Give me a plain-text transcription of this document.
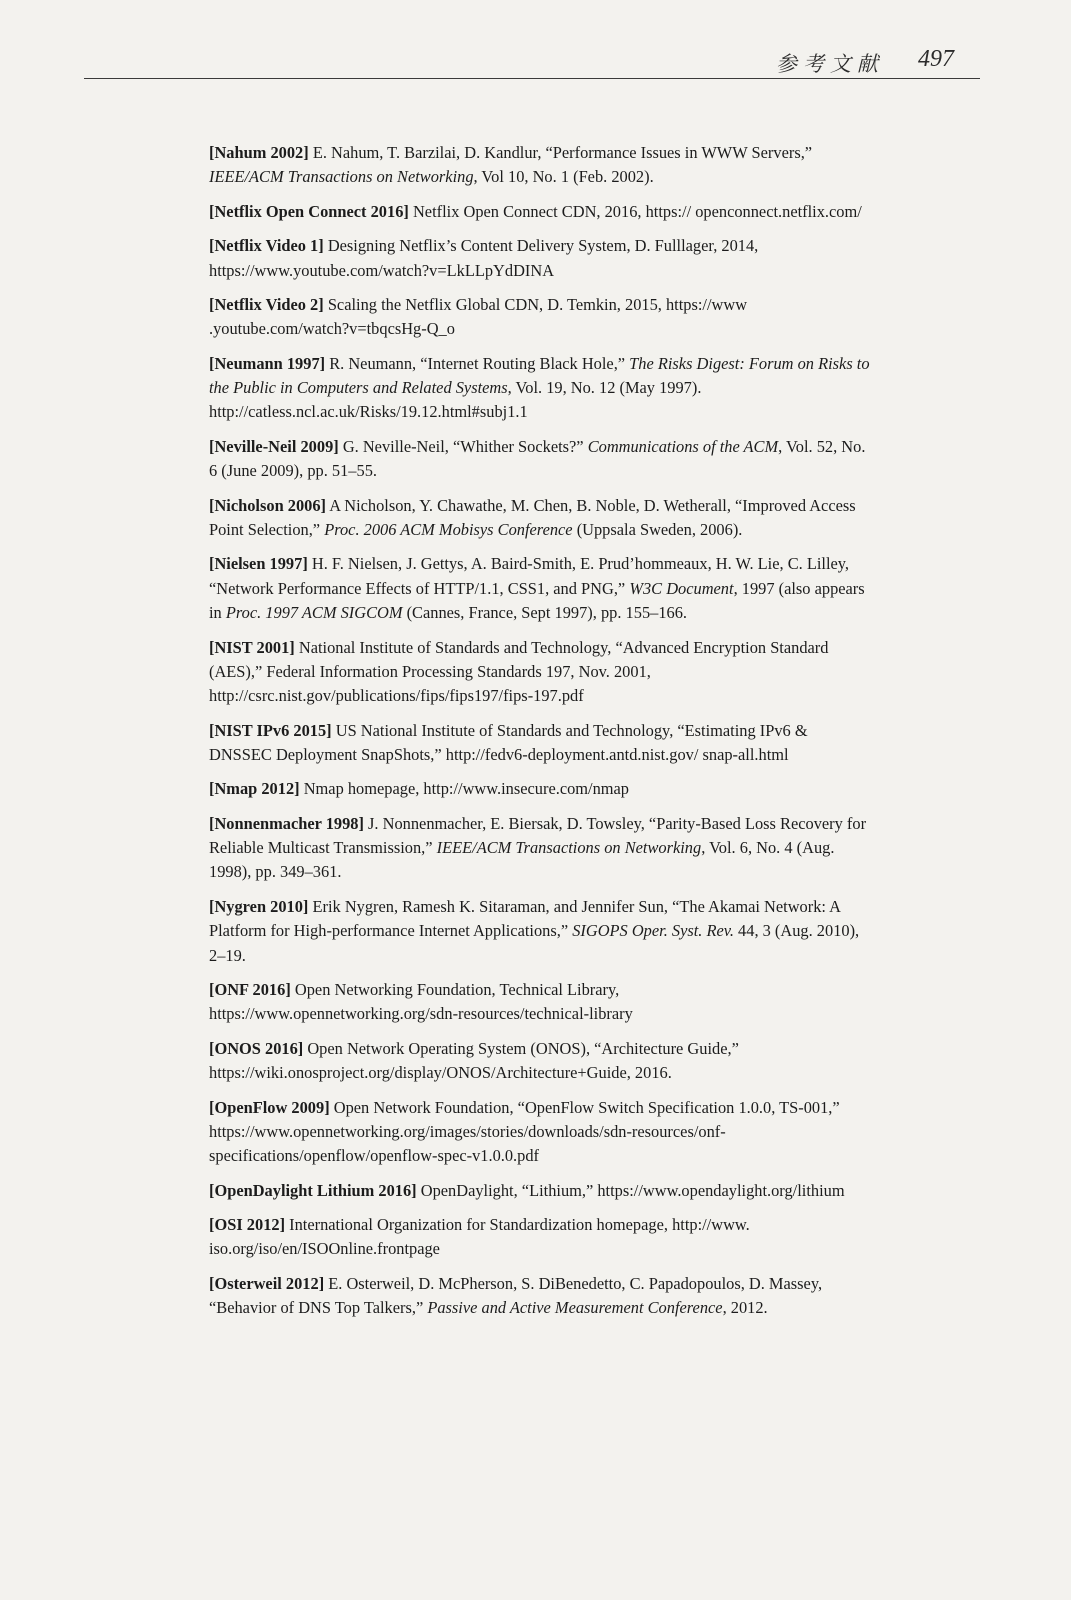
参考文献 497

[Nahum 2002] E. Nahum, T. Barzilai, D. Kandlur, “Performance Issues in WWW Servers,” IEEE/ACM Transactions on Networking, Vol 10, No. 1 (Feb. 2002).

[Netflix Open Connect 2016] Netflix Open Connect CDN, 2016, https:// openconnect.netflix.com/

[Netflix Video 1] Designing Netflix’s Content Delivery System, D. Fulllager, 2014, https://www.youtube.com/watch?v=LkLLpYdDINA

[Netflix Video 2] Scaling the Netflix Global CDN, D. Temkin, 2015, https://www .youtube.com/watch?v=tbqcsHg-Q_o

[Neumann 1997] R. Neumann, “Internet Routing Black Hole,” The Risks Digest: Forum on Risks to the Public in Computers and Related Systems, Vol. 19, No. 12 (May 1997). http://catless.ncl.ac.uk/Risks/19.12.html#subj1.1

[Neville-Neil 2009] G. Neville-Neil, “Whither Sockets?” Communications of the ACM, Vol. 52, No. 6 (June 2009), pp. 51–55.

[Nicholson 2006] A Nicholson, Y. Chawathe, M. Chen, B. Noble, D. Wetherall, “Improved Access Point Selection,” Proc. 2006 ACM Mobisys Conference (Uppsala Sweden, 2006).

[Nielsen 1997] H. F. Nielsen, J. Gettys, A. Baird-Smith, E. Prud’hommeaux, H. W. Lie, C. Lilley, “Network Performance Effects of HTTP/1.1, CSS1, and PNG,” W3C Document, 1997 (also appears in Proc. 1997 ACM SIGCOM (Cannes, France, Sept 1997), pp. 155–166.

[NIST 2001] National Institute of Standards and Technology, “Advanced Encryption Standard (AES),” Federal Information Processing Standards 197, Nov. 2001, http://csrc.nist.gov/publications/fips/fips197/fips-197.pdf

[NIST IPv6 2015] US National Institute of Standards and Technology, “Estimating IPv6 & DNSSEC Deployment SnapShots,” http://fedv6-deployment.antd.nist.gov/ snap-all.html

[Nmap 2012] Nmap homepage, http://www.insecure.com/nmap

[Nonnenmacher 1998] J. Nonnenmacher, E. Biersak, D. Towsley, “Parity-Based Loss Recovery for Reliable Multicast Transmission,” IEEE/ACM Transactions on Networking, Vol. 6, No. 4 (Aug. 1998), pp. 349–361.

[Nygren 2010] Erik Nygren, Ramesh K. Sitaraman, and Jennifer Sun, “The Akamai Network: A Platform for High-performance Internet Applications,” SIGOPS Oper. Syst. Rev. 44, 3 (Aug. 2010), 2–19.

[ONF 2016] Open Networking Foundation, Technical Library, https://www.opennetworking.org/sdn-resources/technical-library

[ONOS 2016] Open Network Operating System (ONOS), “Architecture Guide,” https://wiki.onosproject.org/display/ONOS/Architecture+Guide, 2016.

[OpenFlow 2009] Open Network Foundation, “OpenFlow Switch Specification 1.0.0, TS-001,” https://www.opennetworking.org/images/stories/downloads/sdn-resources/onf-specifications/openflow/openflow-spec-v1.0.0.pdf

[OpenDaylight Lithium 2016] OpenDaylight, “Lithium,” https://www.opendaylight.org/lithium

[OSI 2012] International Organization for Standardization homepage, http://www. iso.org/iso/en/ISOOnline.frontpage

[Osterweil 2012] E. Osterweil, D. McPherson, S. DiBenedetto, C. Papadopoulos, D. Massey, “Behavior of DNS Top Talkers,” Passive and Active Measurement Conference, 2012.
